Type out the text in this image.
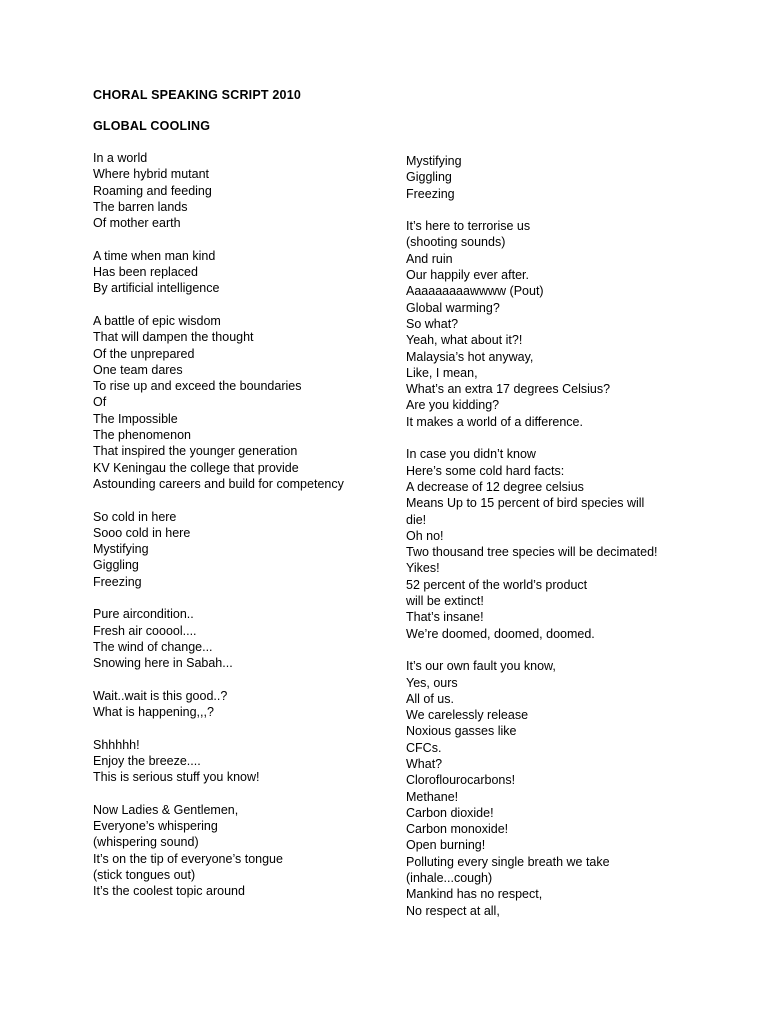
CHORAL SPEAKING SCRIPT 2010
GLOBAL COOLING
In a world
Where hybrid mutant
Roaming and feeding
The barren lands
Of mother earth
A time when man kind
Has been replaced
By artificial intelligence
A battle of epic wisdom
That will dampen the thought
Of the unprepared
One team dares
To rise up and exceed the boundaries
Of
The Impossible
The phenomenon
That inspired the younger generation
KV Keningau the college that provide
Astounding careers and build for competency
So cold in here
Sooo cold in here
Mystifying
Giggling
Freezing
Pure aircondition..
Fresh air cooool....
The wind of change...
Snowing here in Sabah...
Wait..wait is this good..?
What is happening,,,?
Shhhhh!
Enjoy the breeze....
This is serious stuff you know!
Now Ladies & Gentlemen,
Everyone’s whispering
(whispering sound)
It’s on the tip of everyone’s tongue
(stick tongues out)
It’s the coolest topic around
Mystifying
Giggling
Freezing
It’s here to terrorise us
(shooting sounds)
And ruin
Our happily ever after.
Aaaaaaaaawwww (Pout)
Global warming?
So what?
Yeah, what about it?!
Malaysia’s hot anyway,
Like, I mean,
What’s an extra 17 degrees Celsius?
Are you kidding?
It makes a world of a difference.
In case you didn’t know
Here’s some cold hard facts:
A decrease of 12 degree celsius
Means Up to 15 percent of bird species will
die!
Oh no!
Two thousand tree species will be decimated!
Yikes!
52 percent of the world’s product
will be extinct!
That’s insane!
We’re doomed, doomed, doomed.
It’s our own fault you know,
Yes, ours
All of us.
We carelessly release
Noxious gasses like
CFCs.
What?
Cloroflourocarbons!
Methane!
Carbon dioxide!
Carbon monoxide!
Open burning!
Polluting every single breath we take
(inhale...cough)
Mankind has no respect,
No respect at all,
